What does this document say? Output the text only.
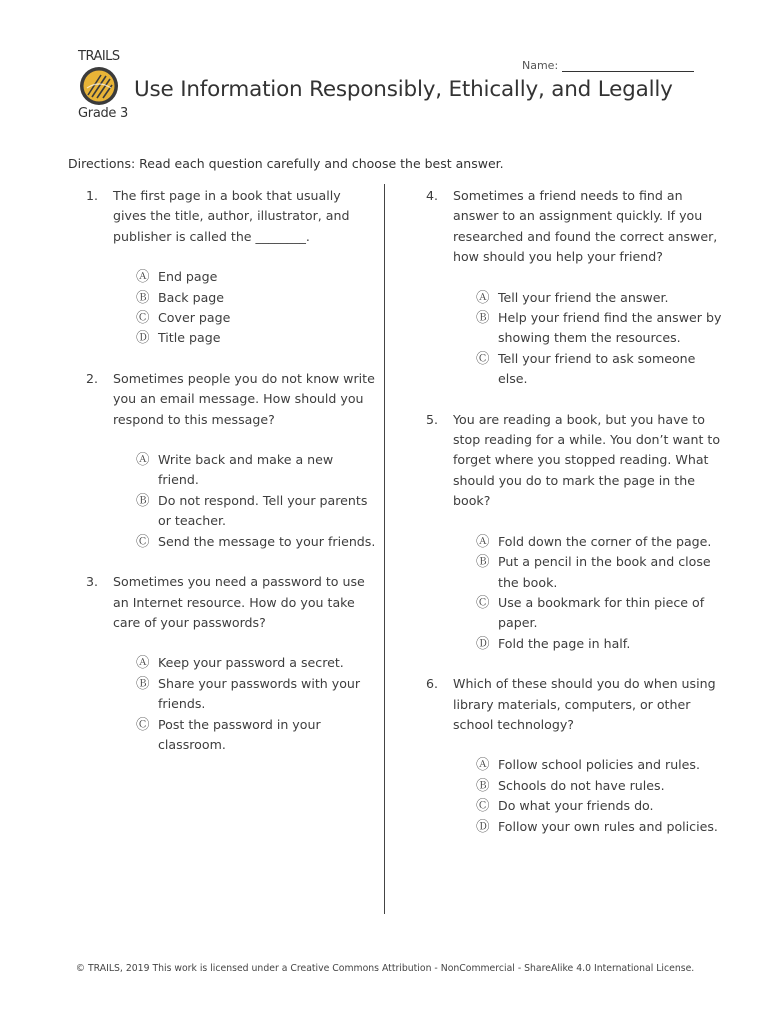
TRAILS
Grade 3
Name:
Use Information Responsibly, Ethically, and Legally
Directions: Read each question carefully and choose the best answer.
1.	The first page in a book that usually gives the title, author, illustrator, and publisher is called the ________.
Ⓐ End page
Ⓑ Back page
Ⓒ Cover page
Ⓓ Title page
2.	Sometimes people you do not know write you an email message. How should you respond to this message?
Ⓐ Write back and make a new friend.
Ⓑ Do not respond. Tell your parents or teacher.
Ⓒ Send the message to your friends.
3.	Sometimes you need a password to use an Internet resource. How do you take care of your passwords?
Ⓐ Keep your password a secret.
Ⓑ Share your passwords with your friends.
Ⓒ Post the password in your classroom.
4.	Sometimes a friend needs to find an answer to an assignment quickly. If you researched and found the correct answer, how should you help your friend?
Ⓐ Tell your friend the answer.
Ⓑ Help your friend find the answer by showing them the resources.
Ⓒ Tell your friend to ask someone else.
5.	You are reading a book, but you have to stop reading for a while. You don’t want to forget where you stopped reading. What should you do to mark the page in the book?
Ⓐ Fold down the corner of the page.
Ⓑ Put a pencil in the book and close the book.
Ⓒ Use a bookmark for thin piece of paper.
Ⓓ Fold the page in half.
6.	Which of these should you do when using library materials, computers, or other school technology?
Ⓐ Follow school policies and rules.
Ⓑ Schools do not have rules.
Ⓒ Do what your friends do.
Ⓓ Follow your own rules and policies.
© TRAILS, 2019 This work is licensed under a Creative Commons Attribution - NonCommercial - ShareAlike 4.0 International License.
